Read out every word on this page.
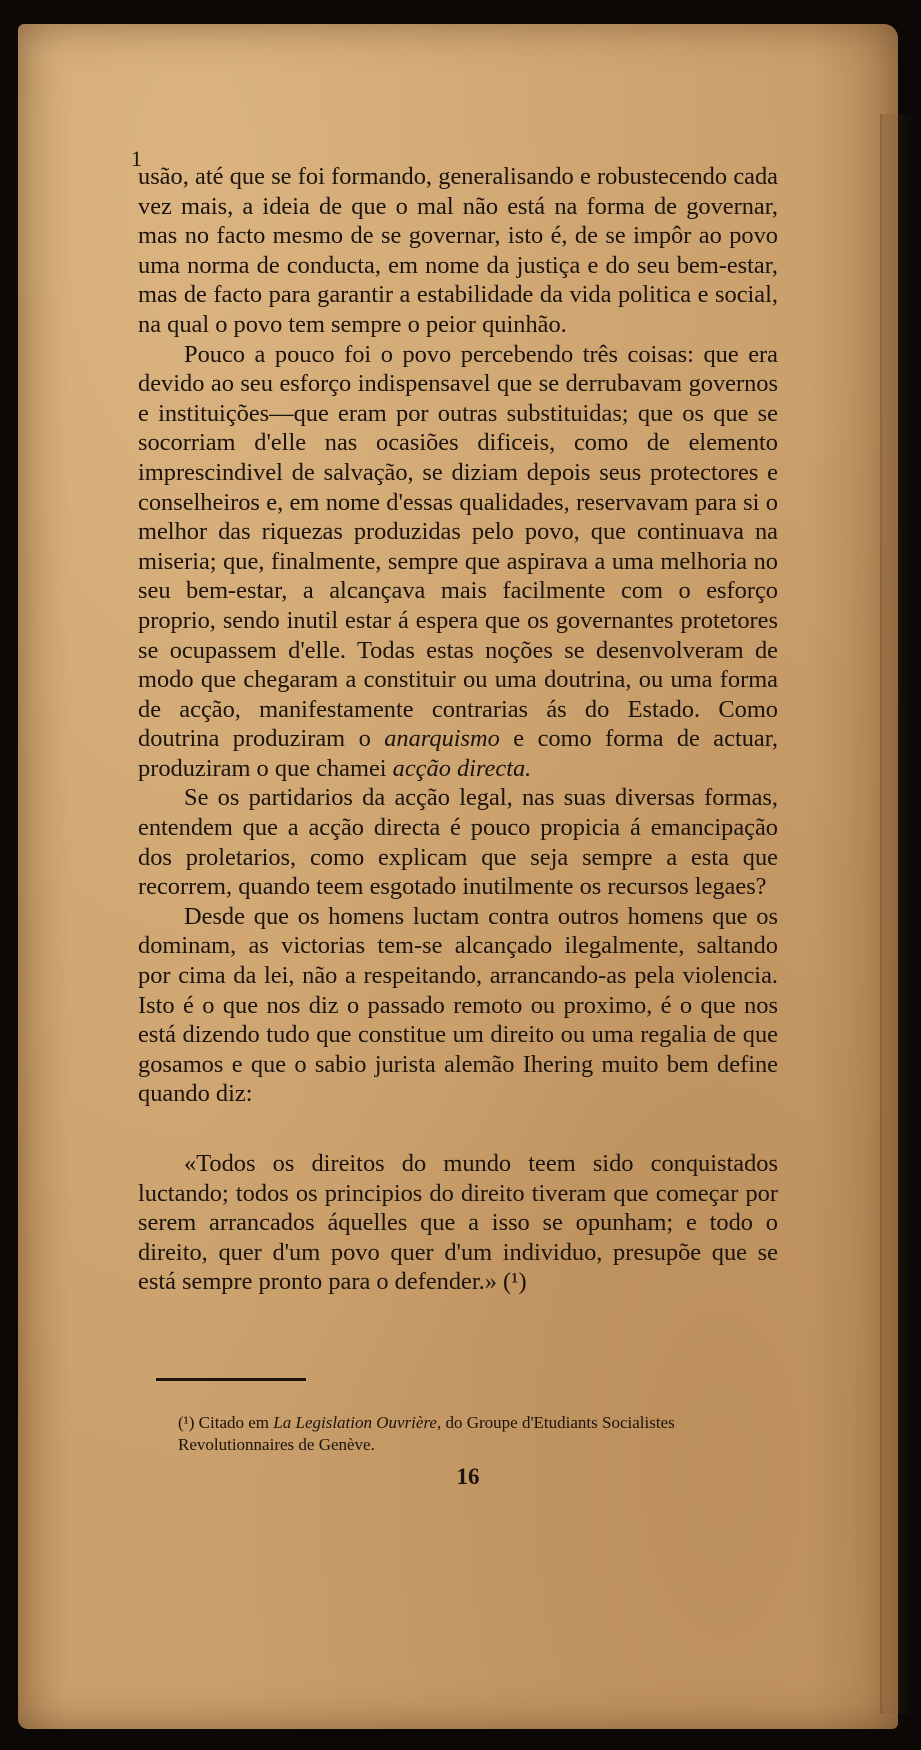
1
usão, até que se foi formando, generalisando e robustecendo cada vez mais, a ideia de que o mal não está na forma de governar, mas no facto mesmo de se governar, isto é, de se impôr ao povo uma norma de conducta, em nome da justiça e do seu bem-estar, mas de facto para garantir a estabilidade da vida politica e social, na qual o povo tem sempre o peior quinhão.

Pouco a pouco foi o povo percebendo três coisas: que era devido ao seu esforço indispensavel que se derrubavam governos e instituições—que eram por outras substituidas; que os que se socorriam d'elle nas ocasiões dificeis, como de elemento imprescindivel de salvação, se diziam depois seus protectores e conselheiros e, em nome d'essas qualidades, reservavam para si o melhor das riquezas produzidas pelo povo, que continuava na miseria; que, finalmente, sempre que aspirava a uma melhoria no seu bem-estar, a alcançava mais facilmente com o esforço proprio, sendo inutil estar á espera que os governantes protetores se ocupassem d'elle. Todas estas noções se desenvolveram de modo que chegaram a constituir ou uma doutrina, ou uma forma de acção, manifestamente contrarias ás do Estado. Como doutrina produziram o anarquismo e como forma de actuar, produziram o que chamei acção directa.

Se os partidarios da acção legal, nas suas diversas formas, entendem que a acção directa é pouco propicia á emancipação dos proletarios, como explicam que seja sempre a esta que recorrem, quando teem esgotado inutilmente os recursos legaes?

Desde que os homens luctam contra outros homens que os dominam, as victorias tem-se alcançado ilegalmente, saltando por cima da lei, não a respeitando, arrancando-as pela violencia. Isto é o que nos diz o passado remoto ou proximo, é o que nos está dizendo tudo que constitue um direito ou uma regalia de que gosamos e que o sabio jurista alemão Ihering muito bem define quando diz:

«Todos os direitos do mundo teem sido conquistados luctando; todos os principios do direito tiveram que começar por serem arrancados áquelles que a isso se opunham; e todo o direito, quer d'um povo quer d'um individuo, presupõe que se está sempre pronto para o defender.» (¹)

(¹) Citado em La Legislation Ouvrière, do Groupe d'Etudiants Socialistes Revolutionnaires de Genève.

16
